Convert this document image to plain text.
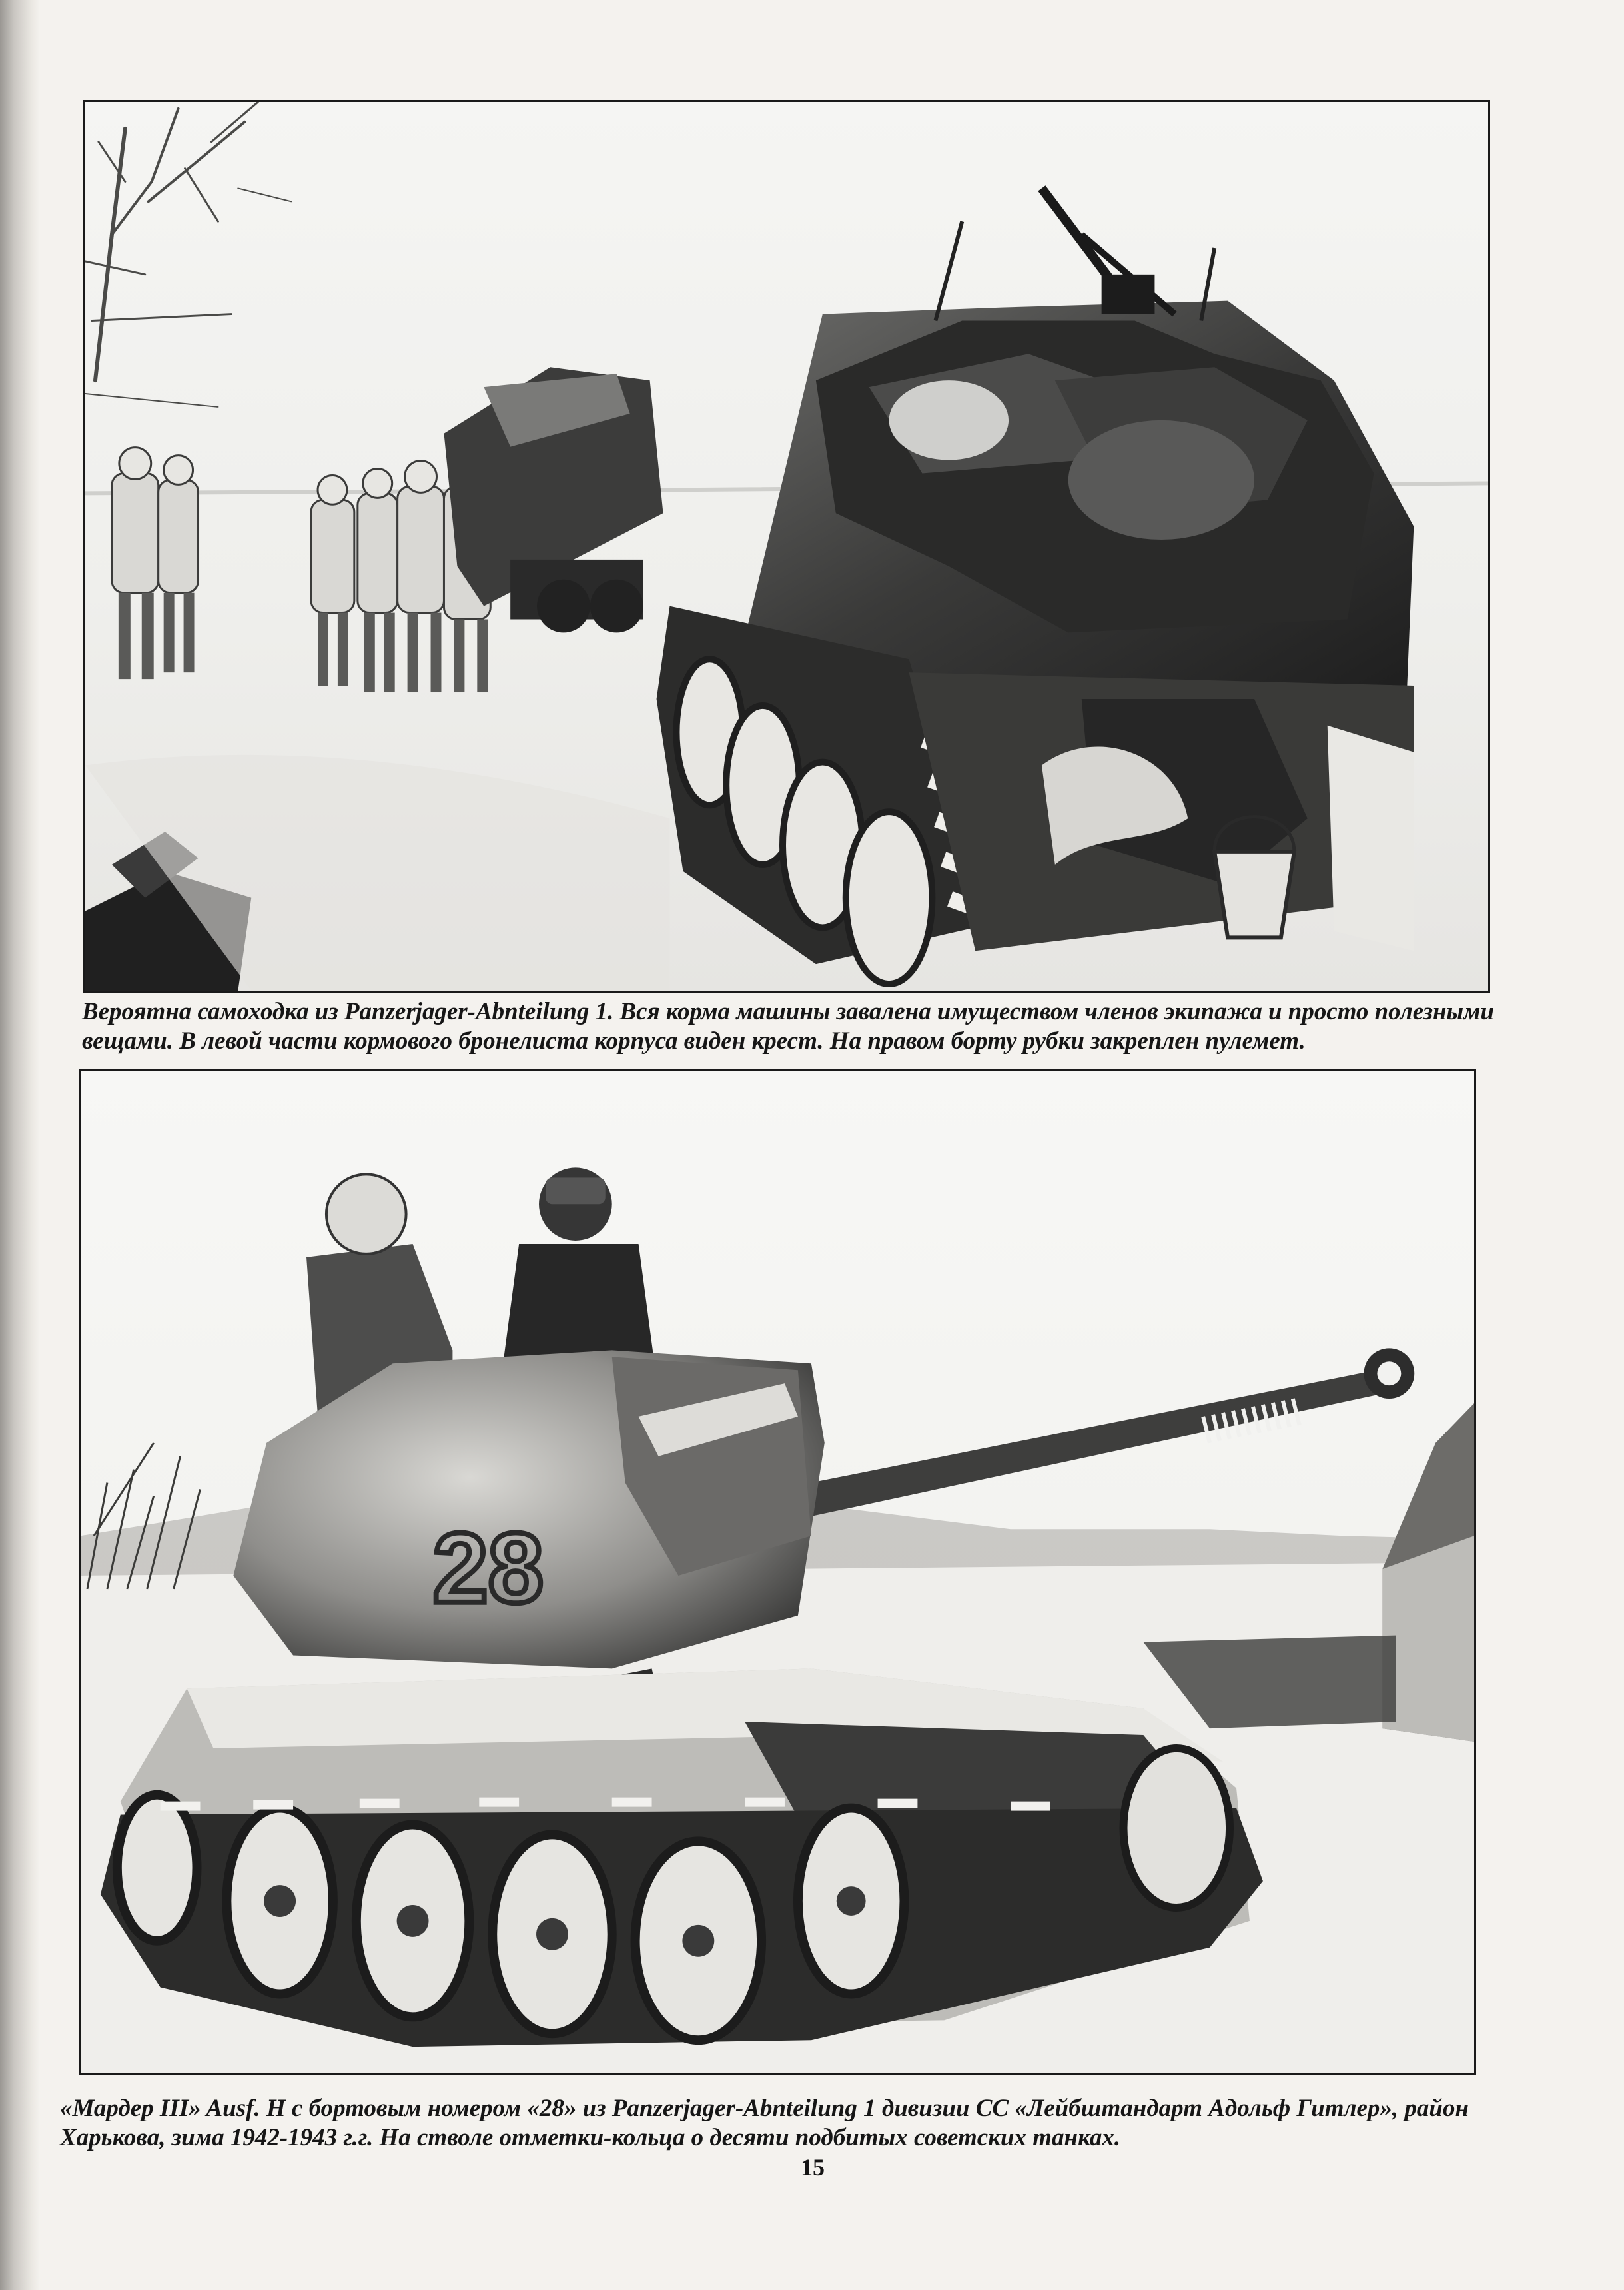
Вероятна самоходка из Panzerjager-Abnteilung 1. Вся корма машины завалена имуществом членов экипажа и просто полезными
вещами. В левой части кормового бронелиста корпуса виден крест. На правом борту рубки закреплен пулемет.
28
«Мардер III» Ausf. H с бортовым номером «28» из Panzerjager-Abnteilung 1 дивизии СС «Лейбштандарт Адольф Гитлер», район
Харькова, зима 1942-1943 г.г. На стволе отметки-кольца о десяти подбитых советских танках.
15
